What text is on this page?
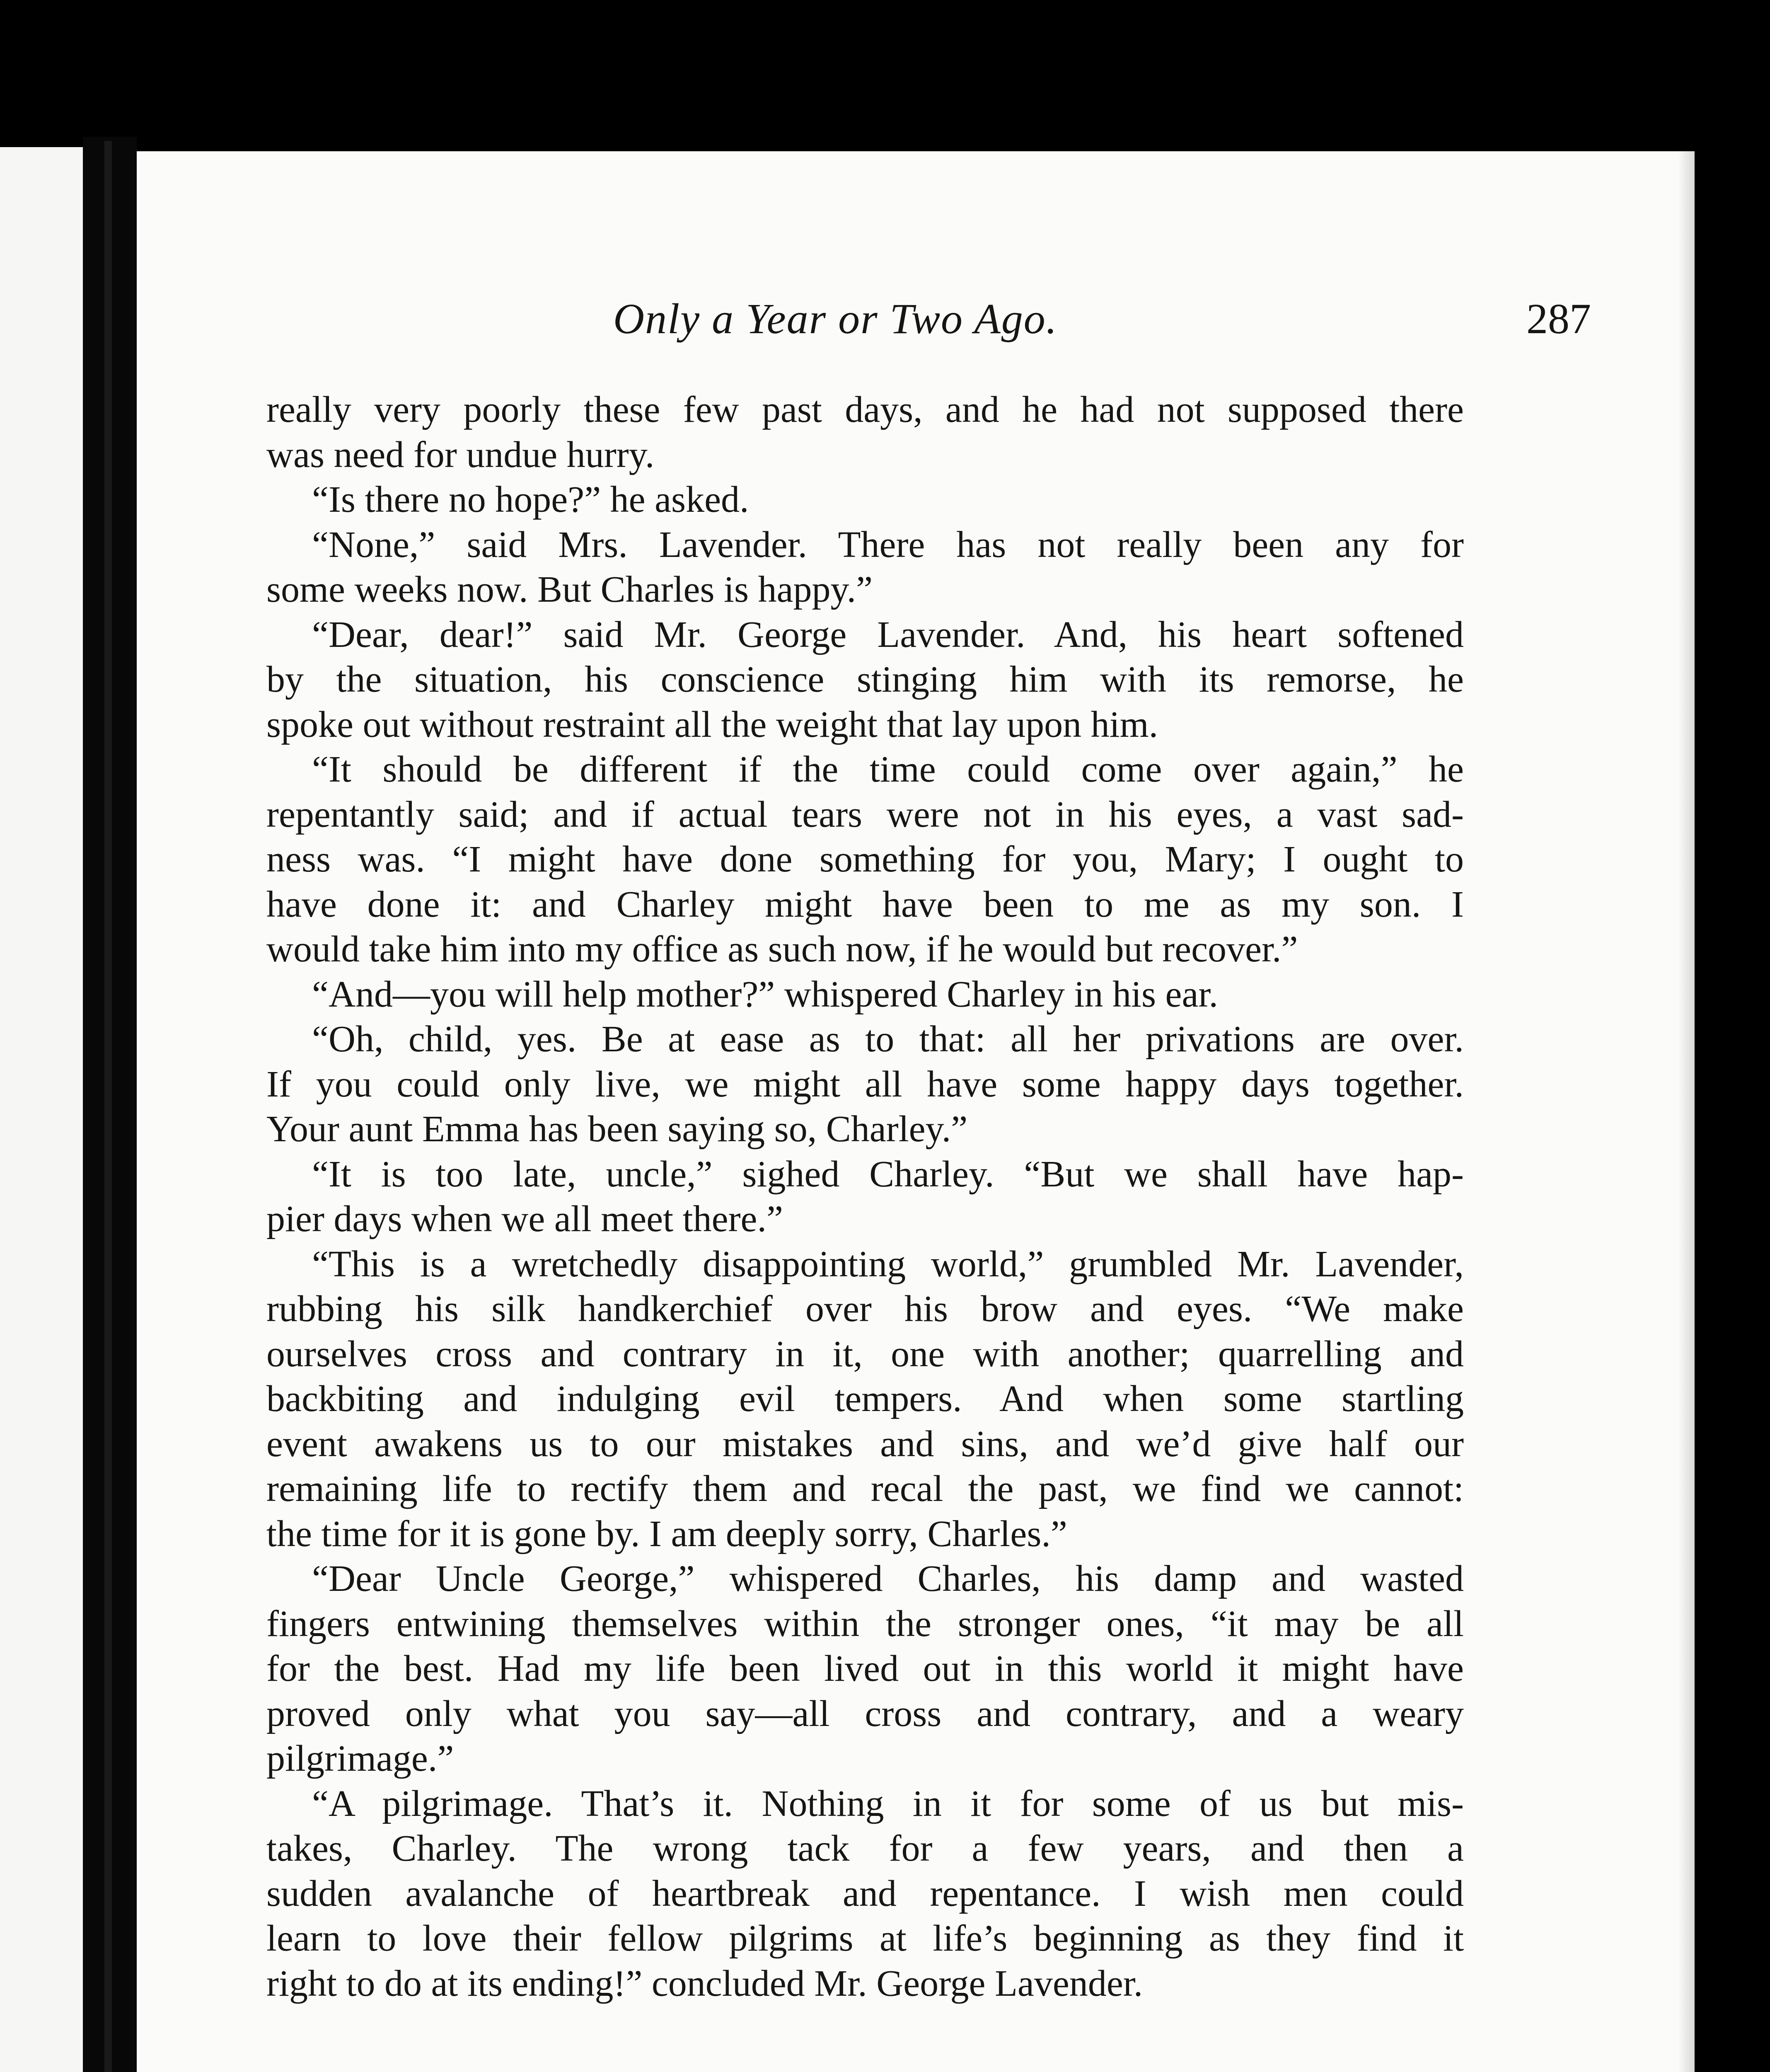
Only a Year or Two Ago.	287

really very poorly these few past days, and he had not supposed there

was need for undue hurry.

“Is there no hope?” he asked.

“None,” said Mrs. Lavender. There has not really been any for

some weeks now. But Charles is happy.”

“Dear, dear!” said Mr. George Lavender. And, his heart softened

by the situation, his conscience stinging him with its remorse, he

spoke out without restraint all the weight that lay upon him.

“It should be different if the time could come over again,” he

repentantly said; and if actual tears were not in his eyes, a vast sad-

ness was. “I might have done something for you, Mary; I ought to

have done it: and Charley might have been to me as my son. I

would take him into my office as such now, if he would but recover.”

“And—you will help mother?” whispered Charley in his ear.

“Oh, child, yes. Be at ease as to that: all her privations are over.

If you could only live, we might all have some happy days together.

Your aunt Emma has been saying so, Charley.”

“It is too late, uncle,” sighed Charley. “But we shall have hap-

pier days when we all meet there.”

“This is a wretchedly disappointing world,” grumbled Mr. Lavender,

rubbing his silk handkerchief over his brow and eyes. “We make

ourselves cross and contrary in it, one with another; quarrelling and

backbiting and indulging evil tempers. And when some startling

event awakens us to our mistakes and sins, and we’d give half our

remaining life to rectify them and recal the past, we find we cannot:

the time for it is gone by. I am deeply sorry, Charles.”

“Dear Uncle George,” whispered Charles, his damp and wasted

fingers entwining themselves within the stronger ones, “it may be all

for the best. Had my life been lived out in this world it might have

proved only what you say—all cross and contrary, and a weary

pilgrimage.”

“A pilgrimage. That’s it. Nothing in it for some of us but mis-

takes, Charley. The wrong tack for a few years, and then a

sudden avalanche of heartbreak and repentance. I wish men could

learn to love their fellow pilgrims at life’s beginning as they find it

right to do at its ending!” concluded Mr. George Lavender.
